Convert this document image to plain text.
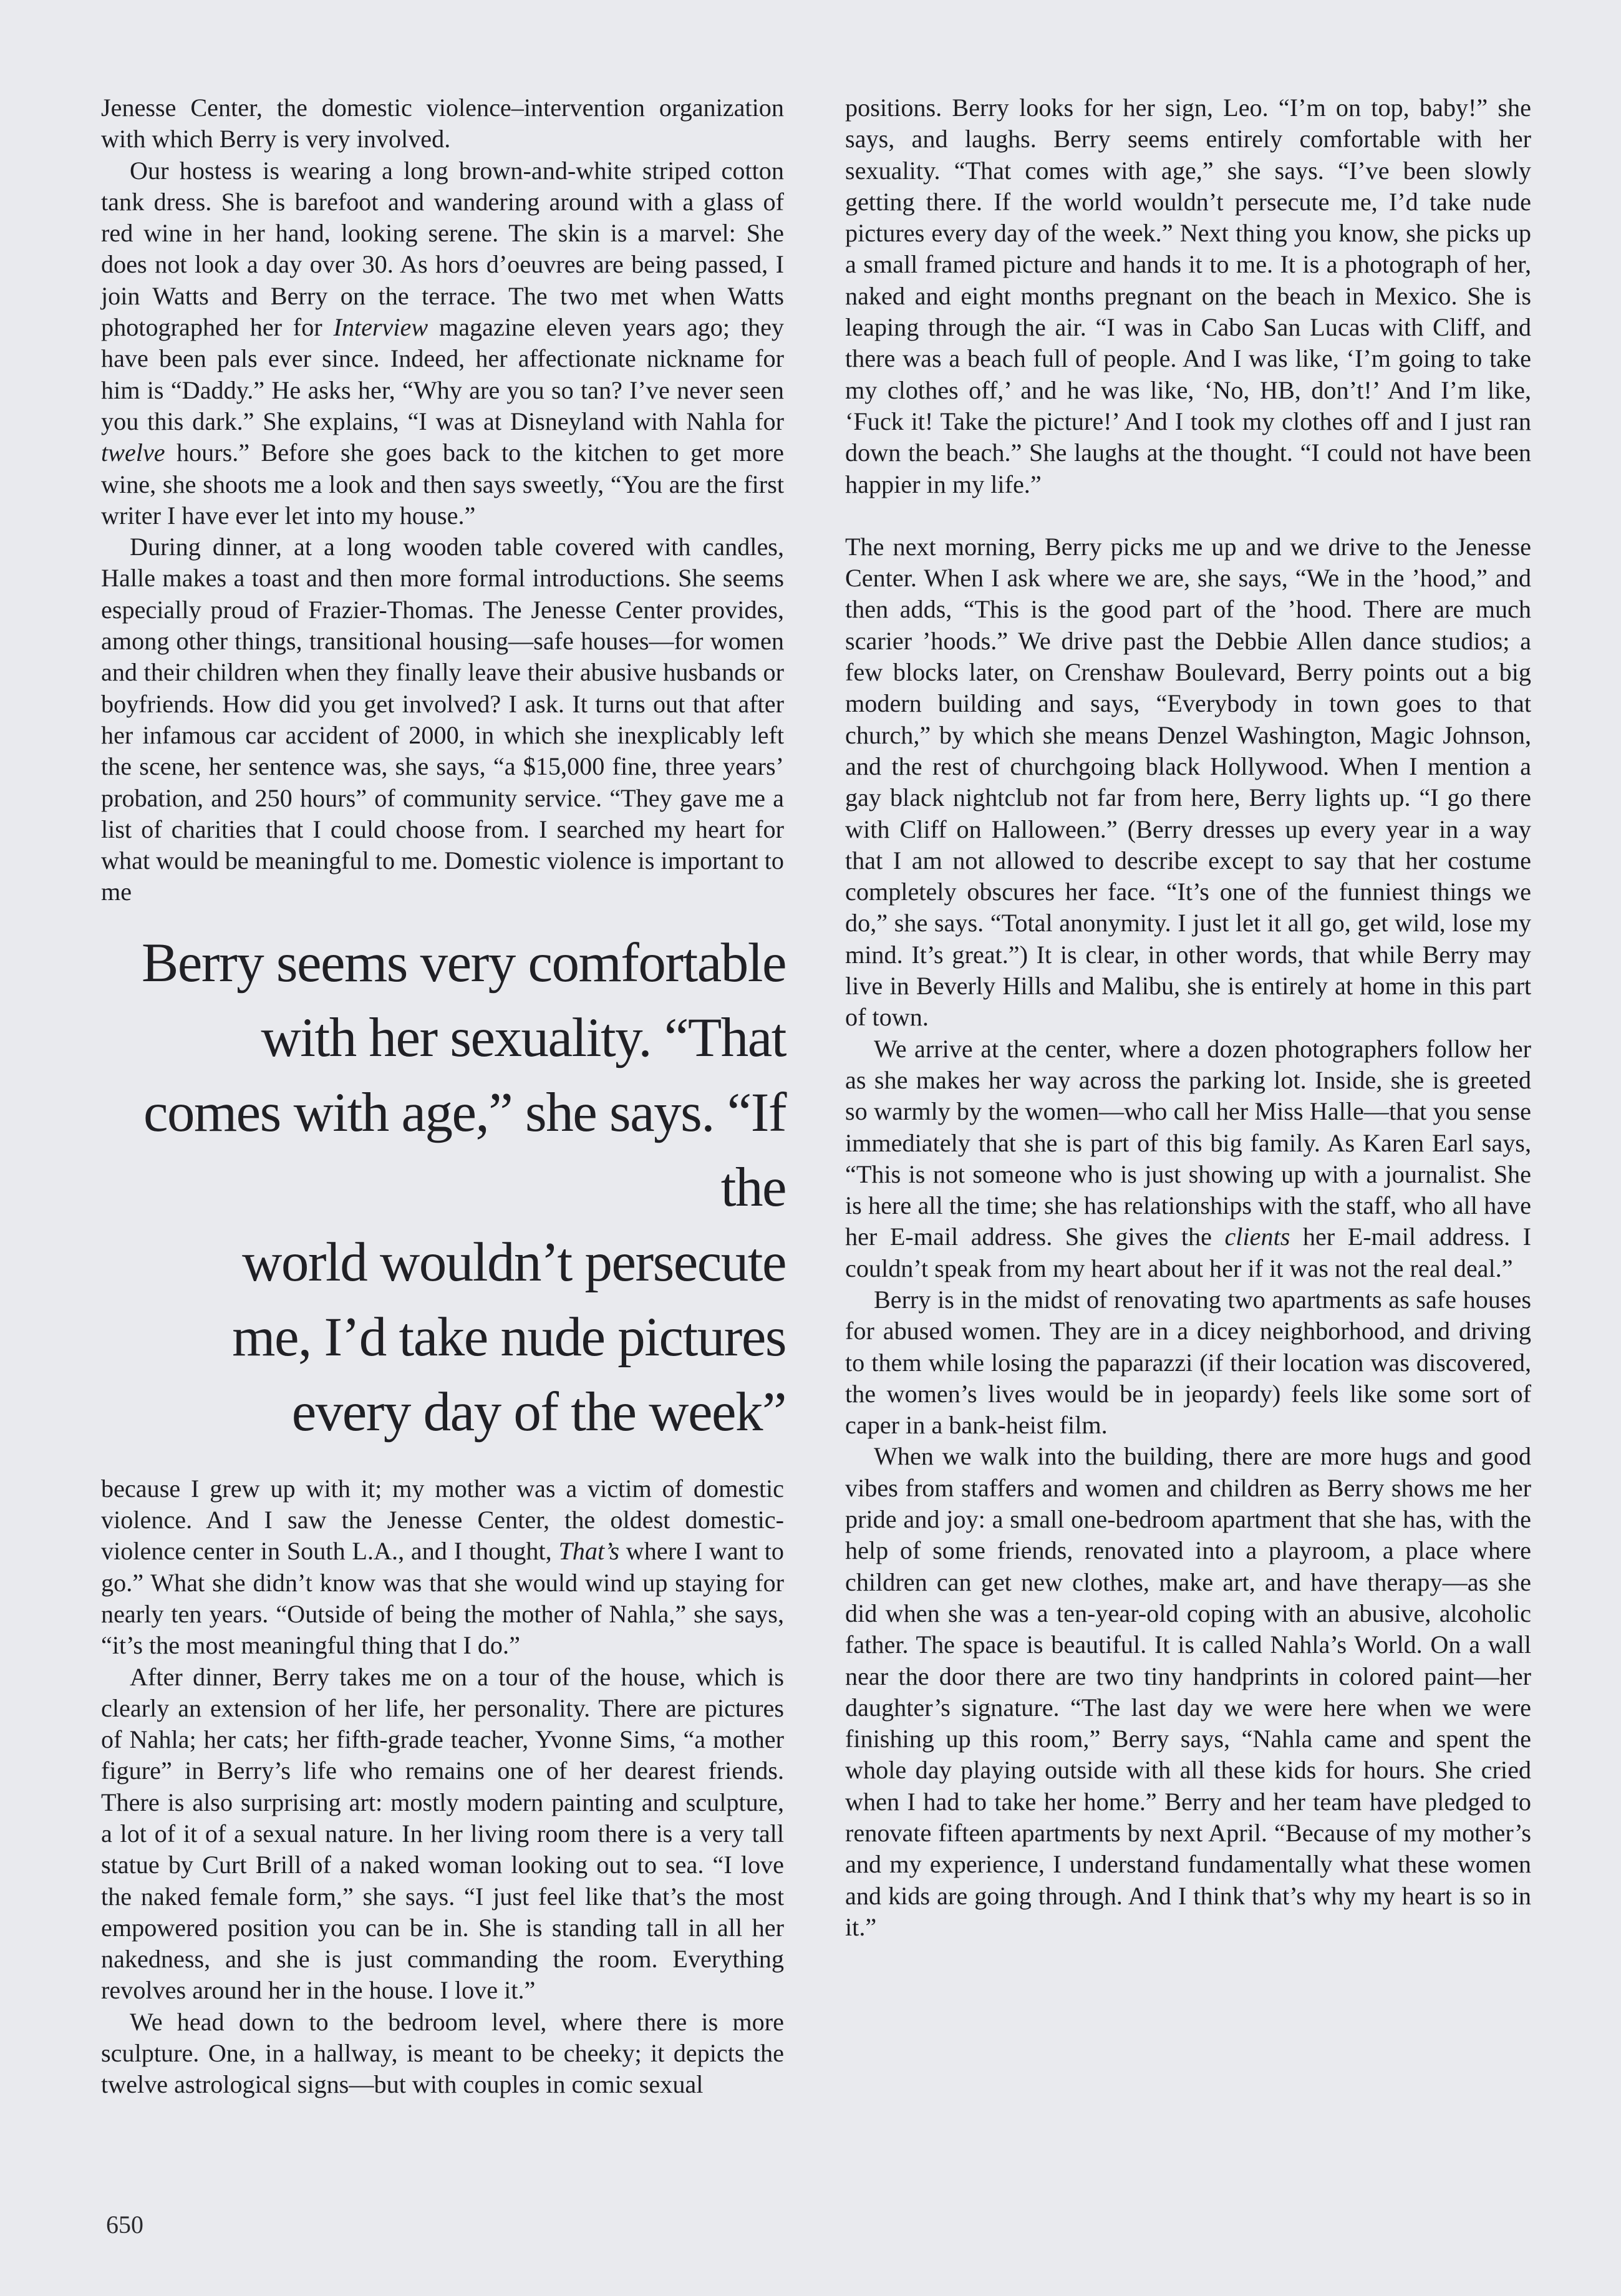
Jenesse Center, the domestic violence–intervention organization with which Berry is very involved.

Our hostess is wearing a long brown-and-white striped cotton tank dress. She is barefoot and wandering around with a glass of red wine in her hand, looking serene. The skin is a marvel: She does not look a day over 30. As hors d’oeuvres are being passed, I join Watts and Berry on the terrace. The two met when Watts photographed her for Interview magazine eleven years ago; they have been pals ever since. Indeed, her affectionate nickname for him is “Daddy.” He asks her, “Why are you so tan? I’ve never seen you this dark.” She explains, “I was at Disneyland with Nahla for twelve hours.” Before she goes back to the kitchen to get more wine, she shoots me a look and then says sweetly, “You are the first writer I have ever let into my house.”

During dinner, at a long wooden table covered with candles, Halle makes a toast and then more formal introductions. She seems especially proud of Frazier-Thomas. The Jenesse Center provides, among other things, transitional housing—safe houses—for women and their children when they finally leave their abusive husbands or boyfriends. How did you get involved? I ask. It turns out that after her infamous car accident of 2000, in which she inexplicably left the scene, her sentence was, she says, “a $15,000 fine, three years’ probation, and 250 hours” of community service. “They gave me a list of charities that I could choose from. I searched my heart for what would be meaningful to me. Domestic violence is important to me

Berry seems very comfortable
with her sexuality. “That
comes with age,” she says. “If the
world wouldn’t persecute
me, I’d take nude pictures
every day of the week”

because I grew up with it; my mother was a victim of domestic violence. And I saw the Jenesse Center, the oldest domestic-violence center in South L.A., and I thought, That’s where I want to go.” What she didn’t know was that she would wind up staying for nearly ten years. “Outside of being the mother of Nahla,” she says, “it’s the most meaningful thing that I do.”

After dinner, Berry takes me on a tour of the house, which is clearly an extension of her life, her personality. There are pictures of Nahla; her cats; her fifth-grade teacher, Yvonne Sims, “a mother figure” in Berry’s life who remains one of her dearest friends. There is also surprising art: mostly modern painting and sculpture, a lot of it of a sexual nature. In her living room there is a very tall statue by Curt Brill of a naked woman looking out to sea. “I love the naked female form,” she says. “I just feel like that’s the most empowered position you can be in. She is standing tall in all her nakedness, and she is just commanding the room. Everything revolves around her in the house. I love it.”

We head down to the bedroom level, where there is more sculpture. One, in a hallway, is meant to be cheeky; it depicts the twelve astrological signs—but with couples in comic sexual

positions. Berry looks for her sign, Leo. “I’m on top, baby!” she says, and laughs. Berry seems entirely comfortable with her sexuality. “That comes with age,” she says. “I’ve been slowly getting there. If the world wouldn’t persecute me, I’d take nude pictures every day of the week.” Next thing you know, she picks up a small framed picture and hands it to me. It is a photograph of her, naked and eight months pregnant on the beach in Mexico. She is leaping through the air. “I was in Cabo San Lucas with Cliff, and there was a beach full of people. And I was like, ‘I’m going to take my clothes off,’ and he was like, ‘No, HB, don’t!’ And I’m like, ‘Fuck it! Take the picture!’ And I took my clothes off and I just ran down the beach.” She laughs at the thought. “I could not have been happier in my life.”

The next morning, Berry picks me up and we drive to the Jenesse Center. When I ask where we are, she says, “We in the ’hood,” and then adds, “This is the good part of the ’hood. There are much scarier ’hoods.” We drive past the Debbie Allen dance studios; a few blocks later, on Crenshaw Boulevard, Berry points out a big modern building and says, “Everybody in town goes to that church,” by which she means Denzel Washington, Magic Johnson, and the rest of churchgoing black Hollywood. When I mention a gay black nightclub not far from here, Berry lights up. “I go there with Cliff on Halloween.” (Berry dresses up every year in a way that I am not allowed to describe except to say that her costume completely obscures her face. “It’s one of the funniest things we do,” she says. “Total anonymity. I just let it all go, get wild, lose my mind. It’s great.”) It is clear, in other words, that while Berry may live in Beverly Hills and Malibu, she is entirely at home in this part of town.

We arrive at the center, where a dozen photographers follow her as she makes her way across the parking lot. Inside, she is greeted so warmly by the women—who call her Miss Halle—that you sense immediately that she is part of this big family. As Karen Earl says, “This is not someone who is just showing up with a journalist. She is here all the time; she has relationships with the staff, who all have her E-mail address. She gives the clients her E-mail address. I couldn’t speak from my heart about her if it was not the real deal.”

Berry is in the midst of renovating two apartments as safe houses for abused women. They are in a dicey neighborhood, and driving to them while losing the paparazzi (if their location was discovered, the women’s lives would be in jeopardy) feels like some sort of caper in a bank-heist film.

When we walk into the building, there are more hugs and good vibes from staffers and women and children as Berry shows me her pride and joy: a small one-bedroom apartment that she has, with the help of some friends, renovated into a playroom, a place where children can get new clothes, make art, and have therapy—as she did when she was a ten-year-old coping with an abusive, alcoholic father. The space is beautiful. It is called Nahla’s World. On a wall near the door there are two tiny handprints in colored paint—her daughter’s signature. “The last day we were here when we were finishing up this room,” Berry says, “Nahla came and spent the whole day playing outside with all these kids for hours. She cried when I had to take her home.” Berry and her team have pledged to renovate fifteen apartments by next April. “Because of my mother’s and my experience, I understand fundamentally what these women and kids are going through. And I think that’s why my heart is so in it.”

650
